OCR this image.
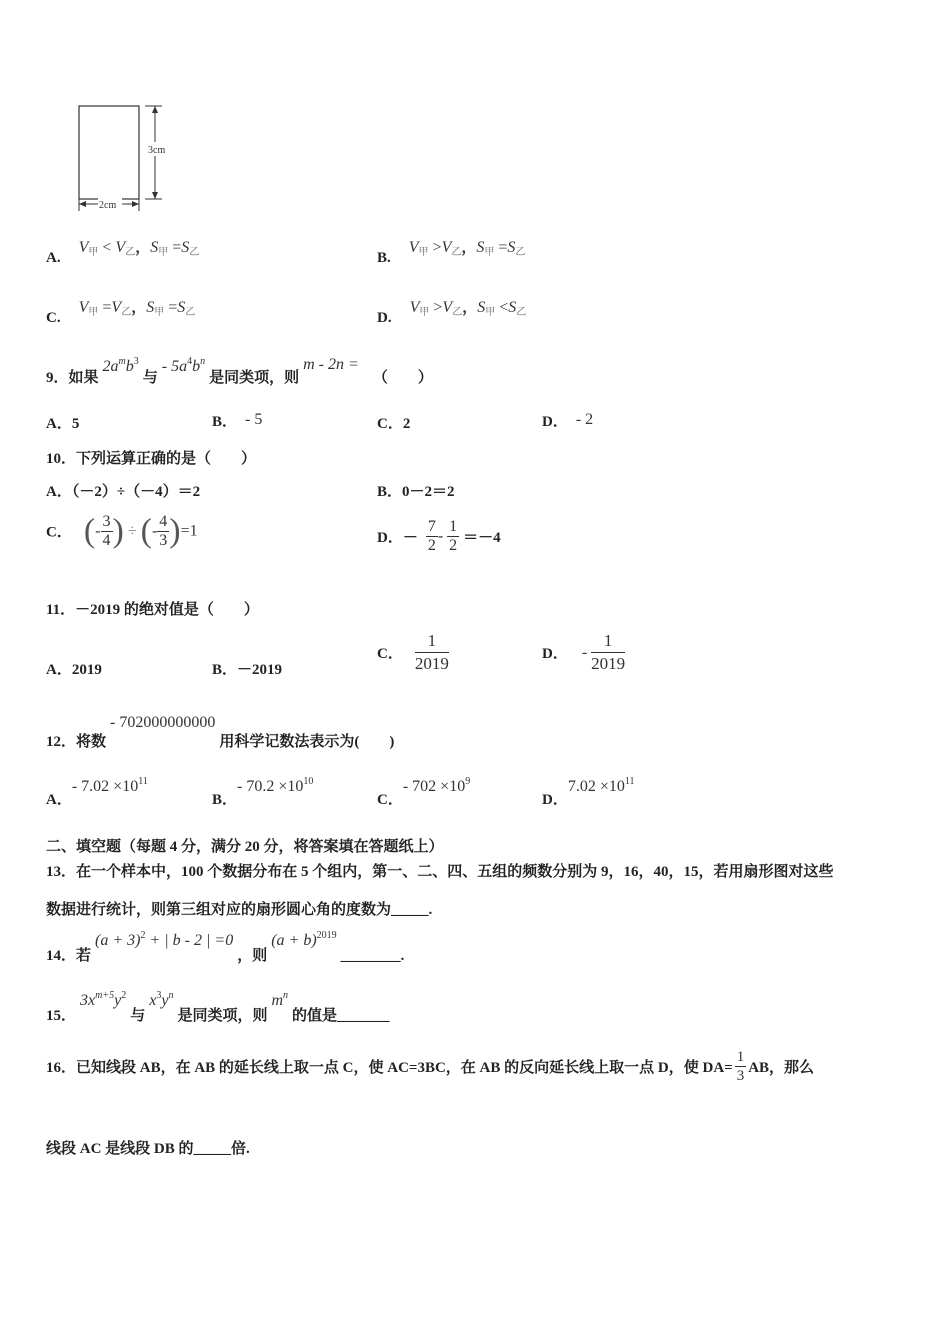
3cm
2cm
A. $V_甲 < V_乙$，$S_甲 =S_乙$	B. $V_甲 >V_乙$，$S_甲 =S_乙$
C. $V_甲 =V_乙$，$S_甲 =S_乙$	D. $V_甲 >V_乙$，$S_甲 <S_乙$
9．如果 $2a^mb^3$ 与 - $5a^4b^n$ 是同类项，则 m - 2n = （　　）
A．5	B． - 5	C．2	D． - 2
10．下列运算正确的是（　　）
A．（－2）÷（－4）＝2	B．0－2＝2
C． (- $\frac{3}{4}$ ) ÷ (- $\frac{4}{3} )=1$	D．－ $\frac{7}{2} - \frac{1}{2} =-4$
11．－2019 的绝对值是（　　）
A．2019	B．－2019
C． $\frac{1}{2019}$	D． - $\frac{1}{2019}$
12．将数 - 702000000000 用科学记数法表示为(　　)
A．- $7.02 \times 10^{11}$
B．- $70.2 \times 10^{10}$
C．- $702 \times 10^9$
D．$7.02 \times 10^{11}$
二、填空题（每题 4 分，满分 20 分，将答案填在答题纸上）
13．在一个样本中，100 个数据分布在 5 个组内，第一、二、四、五组的频数分别为 9，16，40，15，若用扇形图对这些
数据进行统计，则第三组对应的扇形圆心角的度数为_____.
14．若 $(a + 3)^2$ + | b - 2 | =0 ，则 $(a + b)^{2019}$ ________.
15． $3x^{m+5}y^2$ 与 $x^3y^n$ 是同类项，则 $m^n$ 的值是_______
16．已知线段 AB，在 AB 的延长线上取一点 C，使 AC=3BC，在 AB 的反向延长线上取一点 D，使 $DA= \frac{1}{3}$ AB，那么
线段 AC 是线段 DB 的_____倍.
